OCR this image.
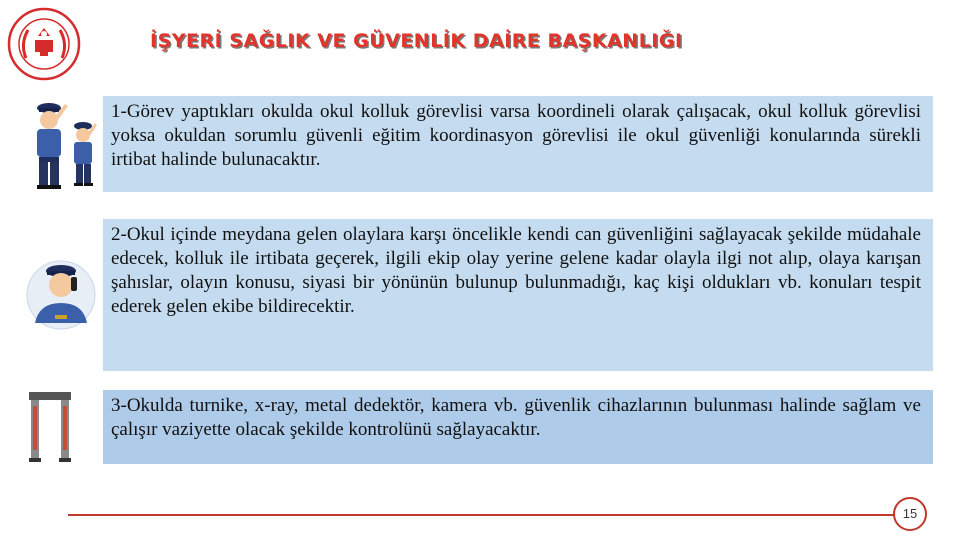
İŞYERİ SAĞLIK VE GÜVENLİK DAİRE BAŞKANLIĞI
1-Görev yaptıkları okulda okul kolluk görevlisi varsa koordineli olarak çalışacak, okul kolluk görevlisi yoksa okuldan sorumlu güvenli eğitim koordinasyon görevlisi ile okul güvenliği konularında sürekli irtibat halinde bulunacaktır.
2-Okul içinde meydana gelen olaylara karşı öncelikle kendi can güvenliğini sağlayacak şekilde müdahale edecek, kolluk ile irtibata geçerek, ilgili ekip olay yerine gelene kadar olayla ilgi not alıp, olaya karışan şahıslar, olayın konusu, siyasi bir yönünün bulunup bulunmadığı, kaç kişi oldukları vb. konuları tespit ederek gelen ekibe bildirecektir.
3-Okulda turnike, x-ray, metal dedektör, kamera vb. güvenlik cihazlarının bulunması halinde sağlam ve çalışır vaziyette olacak şekilde kontrolünü sağlayacaktır.
15
